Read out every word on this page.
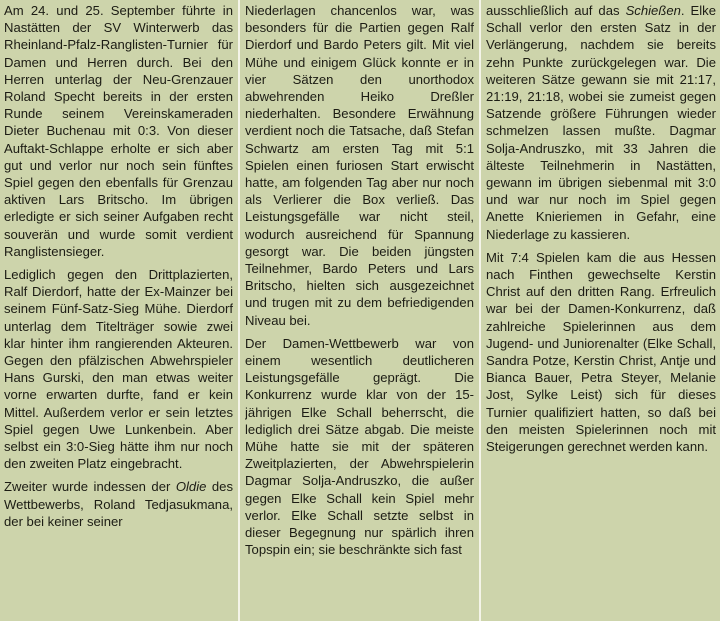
Am 24. und 25. September führte in Nastätten der SV Winterwerb das Rheinland-Pfalz-Ranglisten-Turnier für Damen und Herren durch. Bei den Herren unterlag der Neu-Grenzauer Roland Specht bereits in der ersten Runde seinem Vereinskameraden Dieter Buchenau mit 0:3. Von dieser Auftakt-Schlappe erholte er sich aber gut und verlor nur noch sein fünftes Spiel gegen den ebenfalls für Grenzau aktiven Lars Britscho. Im übrigen erledigte er sich seiner Aufgaben recht souverän und wurde somit verdient Ranglistensieger.

Lediglich gegen den Drittplazierten, Ralf Dierdorf, hatte der Ex-Mainzer bei seinem Fünf-Satz-Sieg Mühe. Dierdorf unterlag dem Titelträger sowie zwei klar hinter ihm rangierenden Akteuren. Gegen den pfälzischen Abwehrspieler Hans Gurski, den man etwas weiter vorne erwarten durfte, fand er kein Mittel. Außerdem verlor er sein letztes Spiel gegen Uwe Lunkenbein. Aber selbst ein 3:0-Sieg hätte ihm nur noch den zweiten Platz eingebracht.

Zweiter wurde indessen der Oldie des Wettbewerbs, Roland Tedjasukmana, der bei keiner seiner

Niederlagen chancenlos war, was besonders für die Partien gegen Ralf Dierdorf und Bardo Peters gilt. Mit viel Mühe und einigem Glück konnte er in vier Sätzen den unorthodox abwehrenden Heiko Dreßler niederhalten. Besondere Erwähnung verdient noch die Tatsache, daß Stefan Schwartz am ersten Tag mit 5:1 Spielen einen furiosen Start erwischt hatte, am folgenden Tag aber nur noch als Verlierer die Box verließ. Das Leistungsgefälle war nicht steil, wodurch ausreichend für Spannung gesorgt war. Die beiden jüngsten Teilnehmer, Bardo Peters und Lars Britscho, hielten sich ausgezeichnet und trugen mit zu dem befriedigenden Niveau bei.

Der Damen-Wettbewerb war von einem wesentlich deutlicheren Leistungsgefälle geprägt. Die Konkurrenz wurde klar von der 15-jährigen Elke Schall beherrscht, die lediglich drei Sätze abgab. Die meiste Mühe hatte sie mit der späteren Zweitplazierten, der Abwehrspielerin Dagmar Solja-Andruszko, die außer gegen Elke Schall kein Spiel mehr verlor. Elke Schall setzte selbst in dieser Begegnung nur spärlich ihren Topspin ein; sie beschränkte sich fast

ausschließlich auf das Schießen. Elke Schall verlor den ersten Satz in der Verlängerung, nachdem sie bereits zehn Punkte zurückgelegen war. Die weiteren Sätze gewann sie mit 21:17, 21:19, 21:18, wobei sie zumeist gegen Satzende größere Führungen wieder schmelzen lassen mußte. Dagmar Solja-Andruszko, mit 33 Jahren die älteste Teilnehmerin in Nastätten, gewann im übrigen siebenmal mit 3:0 und war nur noch im Spiel gegen Anette Knieriemen in Gefahr, eine Niederlage zu kassieren.

Mit 7:4 Spielen kam die aus Hessen nach Finthen gewechselte Kerstin Christ auf den dritten Rang. Erfreulich war bei der Damen-Konkurrenz, daß zahlreiche Spielerinnen aus dem Jugend- und Juniorenalter (Elke Schall, Sandra Potze, Kerstin Christ, Antje und Bianca Bauer, Petra Steyer, Melanie Jost, Sylke Leist) sich für dieses Turnier qualifiziert hatten, so daß bei den meisten Spielerinnen noch mit Steigerungen gerechnet werden kann.
